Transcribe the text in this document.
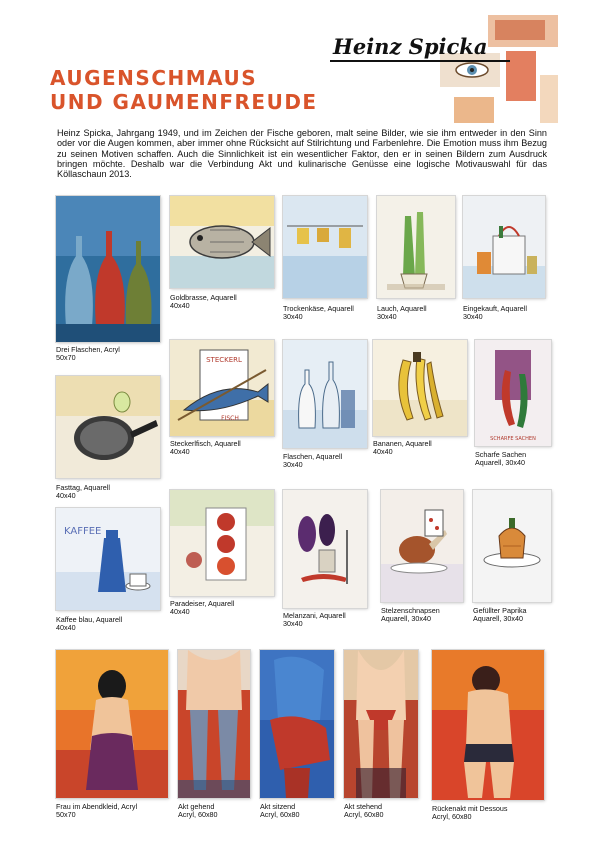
AUGENSCHMAUS
UND GAUMENFREUDE
Heinz Spicka
Heinz Spicka, Jahrgang 1949, und im Zeichen der Fische geboren, malt seine Bilder, wie sie ihm entweder in den Sinn oder vor die Augen kommen, aber immer ohne Rücksicht auf Stilrichtung und Farbenlehre. Die Emotion muss ihm Bezug zu seinen Motiven schaffen. Auch die Sinnlichkeit ist ein wesentlicher Faktor, den er in seinen Bildern zum Ausdruck bringen möchte. Deshalb war die Verbindung Akt und kulinarische Genüsse eine logische Motivauswahl für das Köllaschaun 2013.
Drei Flaschen, Acryl
50x70
Goldbrasse, Aquarell
40x40	Trockenkäse, Aquarell
30x40
Lauch, Aquarell
30x40
Eingekauft, Aquarell
30x40
Fasttag, Aquarell
40x40
STECKERL
FISCH
Steckerlfisch, Aquarell
40x40
Flaschen, Aquarell
30x40
Bananen, Aquarell
40x40
SCHARFE SACHEN
Scharfe Sachen
Aquarell, 30x40
KAFFEE
Kaffee blau, Aquarell
40x40
Paradeiser, Aquarell
40x40	Melanzani, Aquarell
30x40
Stelzenschnapsen
Aquarell, 30x40
Gefüllter Paprika
Aquarell, 30x40
Frau im Abendkleid, Acryl
50x70
Akt gehend
Acryl, 60x80
Akt sitzend
Acryl, 60x80
Akt stehend
Acryl, 60x80
Rückenakt mit Dessous
Acryl, 60x80
